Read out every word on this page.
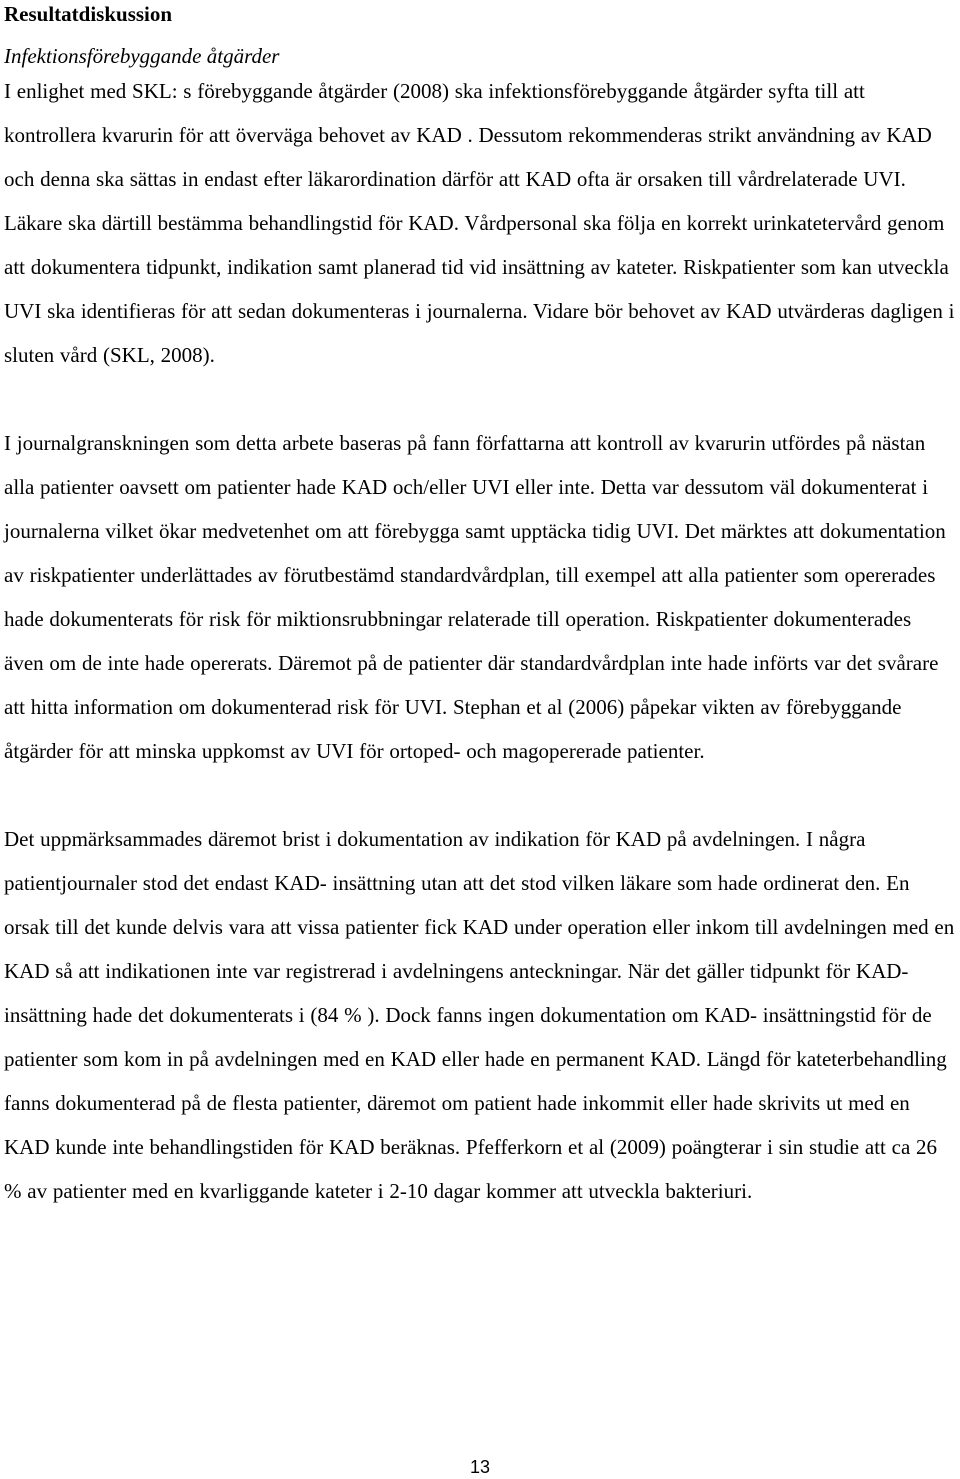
Resultatdiskussion
Infektionsförebyggande åtgärder

I enlighet med SKL: s förebyggande åtgärder (2008) ska infektionsförebyggande åtgärder syfta till att kontrollera kvarurin för att överväga behovet av KAD . Dessutom rekommenderas strikt användning av KAD och denna ska sättas in endast efter läkarordination därför att KAD ofta är orsaken till vårdrelaterade UVI. Läkare ska därtill bestämma behandlingstid för KAD. Vårdpersonal ska följa en korrekt urinkatetervård genom att dokumentera tidpunkt, indikation samt planerad tid vid insättning av kateter. Riskpatienter som kan utveckla UVI ska identifieras för att sedan dokumenteras i journalerna. Vidare bör behovet av KAD utvärderas dagligen i sluten vård (SKL, 2008).

I journalgranskningen som detta arbete baseras på fann författarna att kontroll av kvarurin utfördes på nästan alla patienter oavsett om patienter hade KAD och/eller UVI eller inte. Detta var dessutom väl dokumenterat i journalerna vilket ökar medvetenhet om att förebygga samt upptäcka tidig UVI. Det märktes att dokumentation av riskpatienter underlättades av förutbestämd standardvårdplan, till exempel att alla patienter som opererades hade dokumenterats för risk för miktionsrubbningar relaterade till operation. Riskpatienter dokumenterades även om de inte hade opererats. Däremot på de patienter där standardvårdplan inte hade införts var det svårare att hitta information om dokumenterad risk för UVI. Stephan et al (2006) påpekar vikten av förebyggande åtgärder för att minska uppkomst av UVI för ortoped- och magopererade patienter.

Det uppmärksammades däremot brist i dokumentation av indikation för KAD på avdelningen. I några patientjournaler stod det endast KAD- insättning utan att det stod vilken läkare som hade ordinerat den. En orsak till det kunde delvis vara att vissa patienter fick KAD under operation eller inkom till avdelningen med en KAD så att indikationen inte var registrerad i avdelningens anteckningar. När det gäller tidpunkt för KAD- insättning hade det dokumenterats i (84 % ). Dock fanns ingen dokumentation om KAD- insättningstid för de patienter som kom in på avdelningen med en KAD eller hade en permanent KAD. Längd för kateterbehandling fanns dokumenterad på de flesta patienter, däremot om patient hade inkommit eller hade skrivits ut med en KAD kunde inte behandlingstiden för KAD beräknas. Pfefferkorn et al (2009) poängterar i sin studie att ca 26 % av patienter med en kvarliggande kateter i 2-10 dagar kommer att utveckla bakteriuri.

13
